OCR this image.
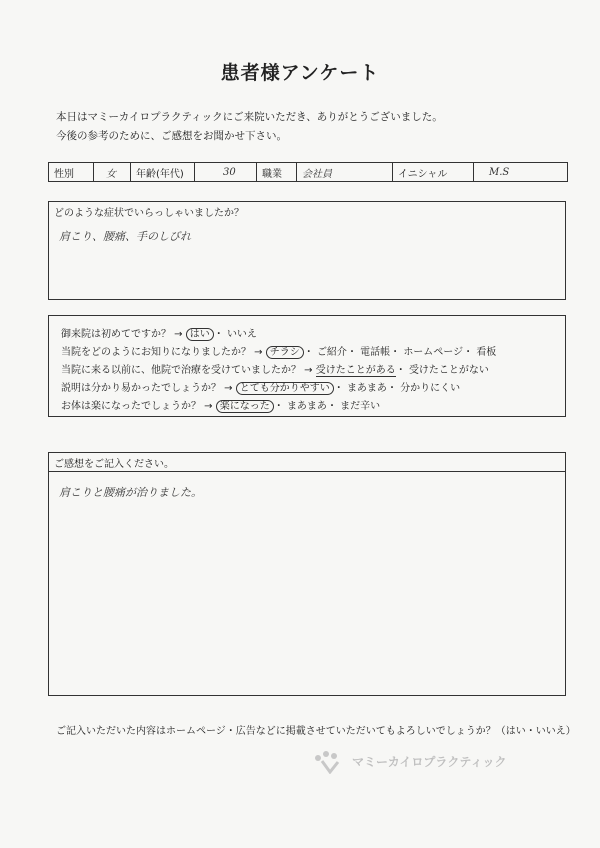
患者様アンケート
本日はマミーカイロプラクティックにご来院いただき、ありがとうございました。
今後の参考のために、ご感想をお聞かせ下さい。
性別	女	年齢(年代)	30	職業	会社員	イニシャル	M.S
どのような症状でいらっしゃいましたか？
肩こり、腰痛、手のしびれ
御来院は初めてですか？ → はい ・ いいえ
当院をどのようにお知りになりましたか？ → チラシ ・ ご紹介・ 電話帳・ ホームページ・ 看板
当院に来る以前に、他院で治療を受けていましたか？ → 受けたことがある・ 受けたことがない
説明は分かり易かったでしょうか？ → とても分かりやすい ・ まあまあ・ 分かりにくい
お体は楽になったでしょうか？ → 楽になった ・ まあまあ・ まだ辛い
ご感想をご記入ください。
肩こりと腰痛が治りました。
ご記入いただいた内容はホームページ・広告などに掲載させていただいてもよろしいでしょうか？（はい・いいえ）
マミーカイロプラクティック
